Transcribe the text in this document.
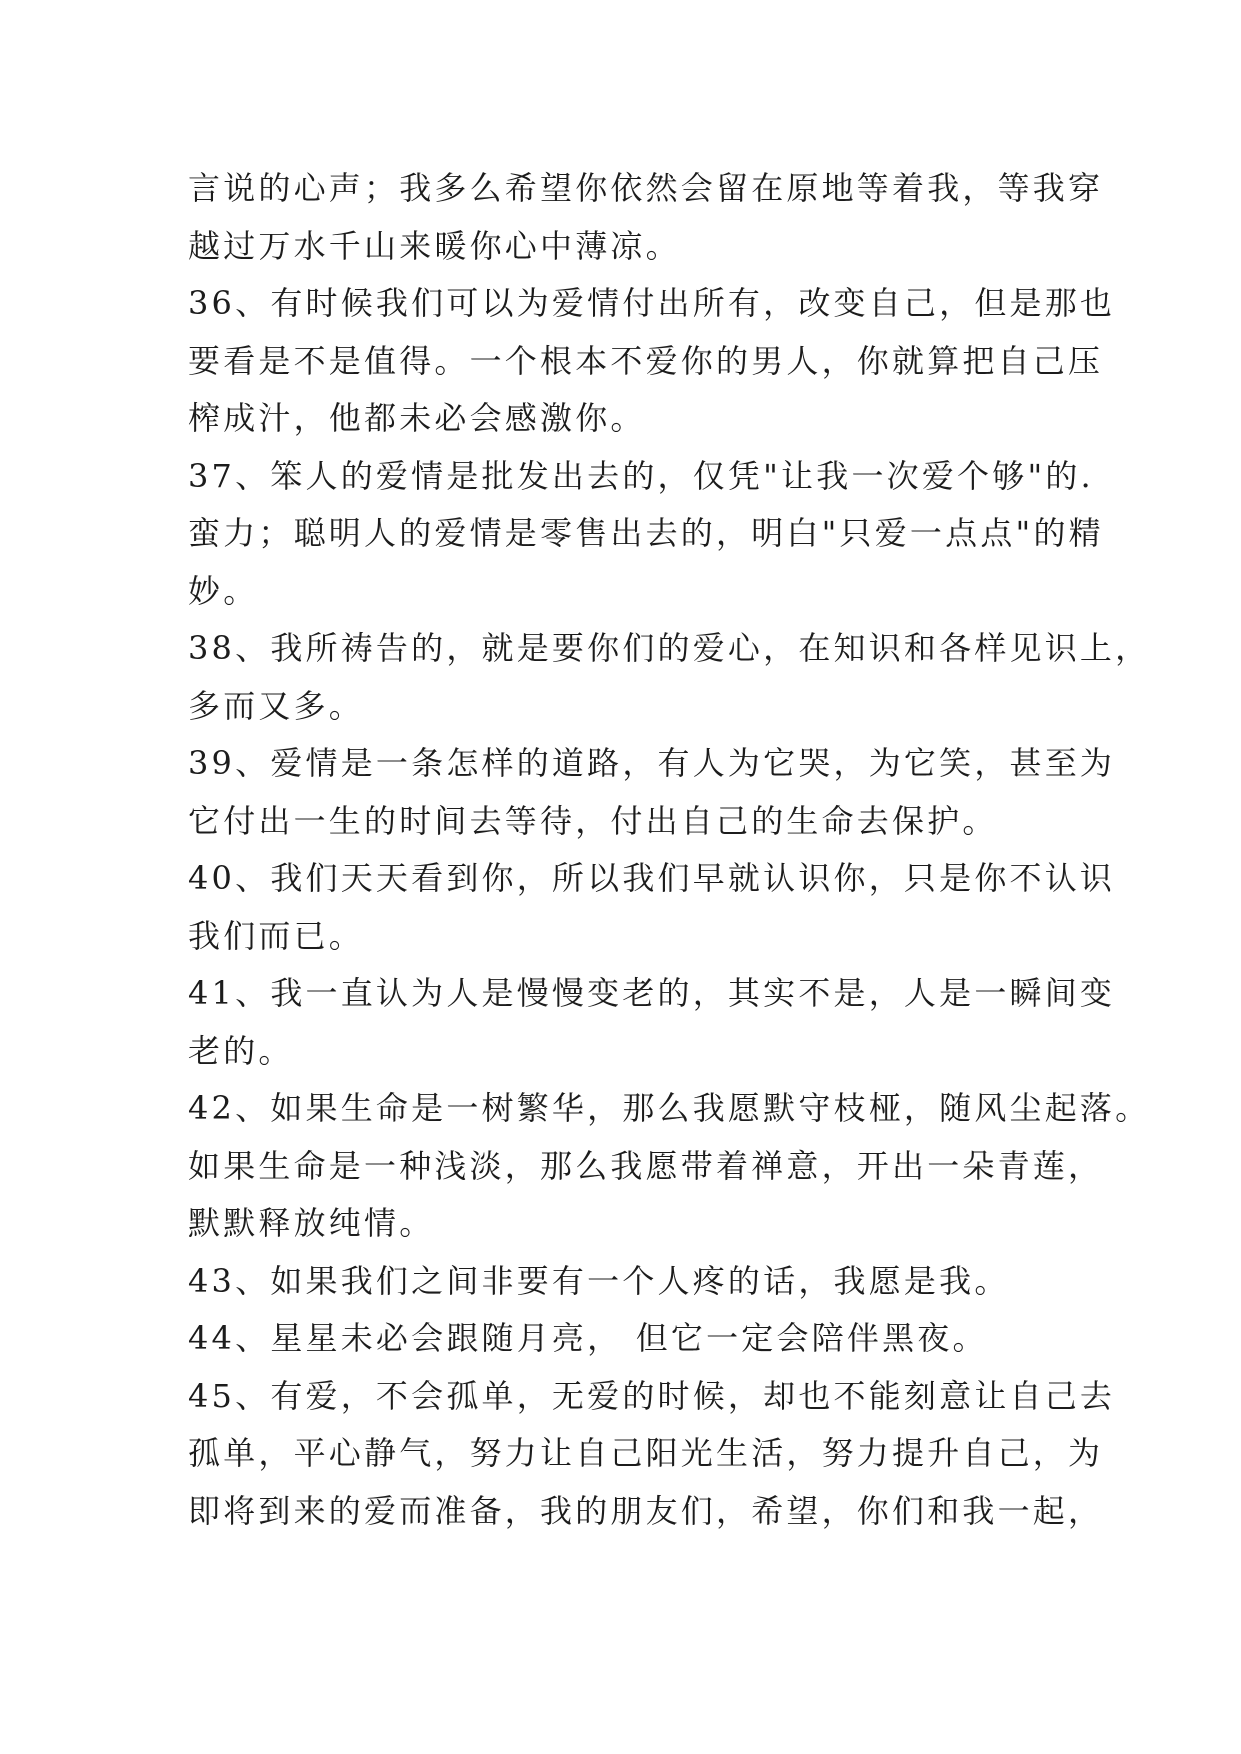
言说的心声；我多么希望你依然会留在原地等着我，等我穿
越过万水千山来暖你心中薄凉。
36、有时候我们可以为爱情付出所有，改变自己，但是那也
要看是不是值得。一个根本不爱你的男人，你就算把自己压
榨成汁，他都未必会感激你。
37、笨人的爱情是批发出去的，仅凭"让我一次爱个够"的.
蛮力；聪明人的爱情是零售出去的，明白"只爱一点点"的精
妙。
38、我所祷告的，就是要你们的爱心，在知识和各样见识上，
多而又多。
39、爱情是一条怎样的道路，有人为它哭，为它笑，甚至为
它付出一生的时间去等待，付出自己的生命去保护。
40、我们天天看到你，所以我们早就认识你，只是你不认识
我们而已。
41、我一直认为人是慢慢变老的，其实不是，人是一瞬间变
老的。
42、如果生命是一树繁华，那么我愿默守枝桠，随风尘起落。
如果生命是一种浅淡，那么我愿带着禅意，开出一朵青莲，
默默释放纯情。
43、如果我们之间非要有一个人疼的话，我愿是我。
44、星星未必会跟随月亮， 但它一定会陪伴黑夜。
45、有爱，不会孤单，无爱的时候，却也不能刻意让自己去
孤单，平心静气，努力让自己阳光生活，努力提升自己，为
即将到来的爱而准备，我的朋友们，希望，你们和我一起，
